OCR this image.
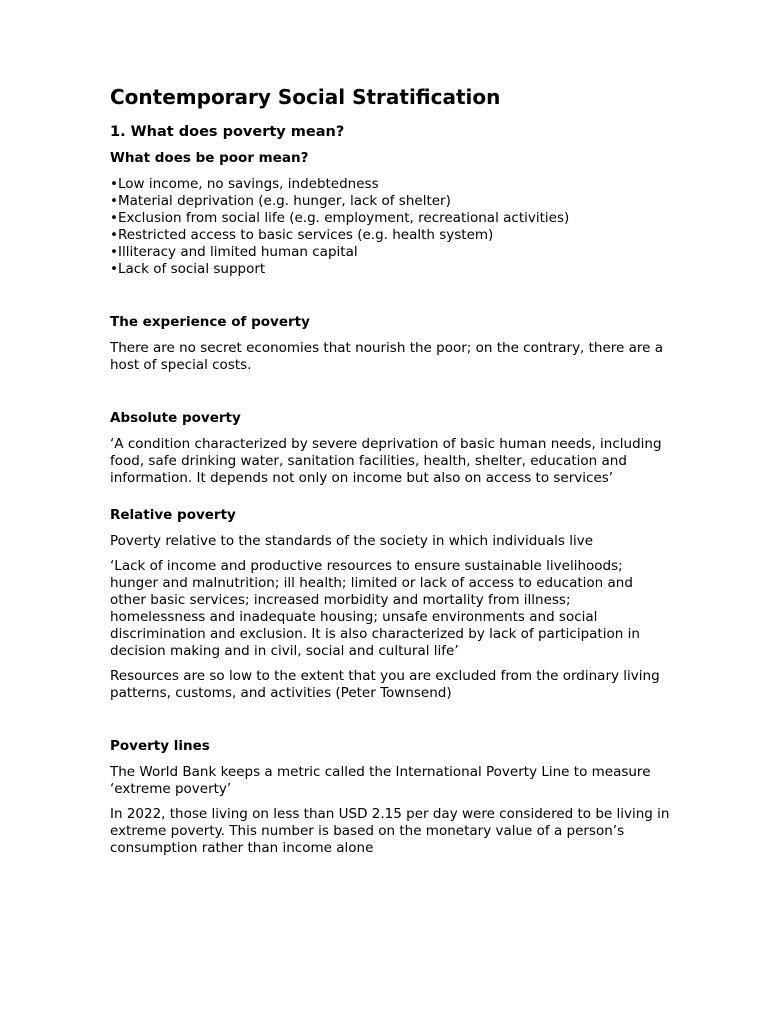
Contemporary Social Stratification
1. What does poverty mean?
What does be poor mean?
•Low income, no savings, indebtedness
•Material deprivation (e.g. hunger, lack of shelter)
•Exclusion from social life (e.g. employment, recreational activities)
•Restricted access to basic services (e.g. health system)
•Illiteracy and limited human capital
•Lack of social support
The experience of poverty

There are no secret economies that nourish the poor; on the contrary, there are a host of special costs.

Absolute poverty

‘A condition characterized by severe deprivation of basic human needs, including food, safe drinking water, sanitation facilities, health, shelter, education and information. It depends not only on income but also on access to services’

Relative poverty

Poverty relative to the standards of the society in which individuals live

‘Lack of income and productive resources to ensure sustainable livelihoods; hunger and malnutrition; ill health; limited or lack of access to education and other basic services; increased morbidity and mortality from illness; homelessness and inadequate housing; unsafe environments and social discrimination and exclusion. It is also characterized by lack of participation in decision making and in civil, social and cultural life’

Resources are so low to the extent that you are excluded from the ordinary living patterns, customs, and activities (Peter Townsend)

Poverty lines

The World Bank keeps a metric called the International Poverty Line to measure ‘extreme poverty’

In 2022, those living on less than USD 2.15 per day were considered to be living in extreme poverty. This number is based on the monetary value of a person’s consumption rather than income alone
